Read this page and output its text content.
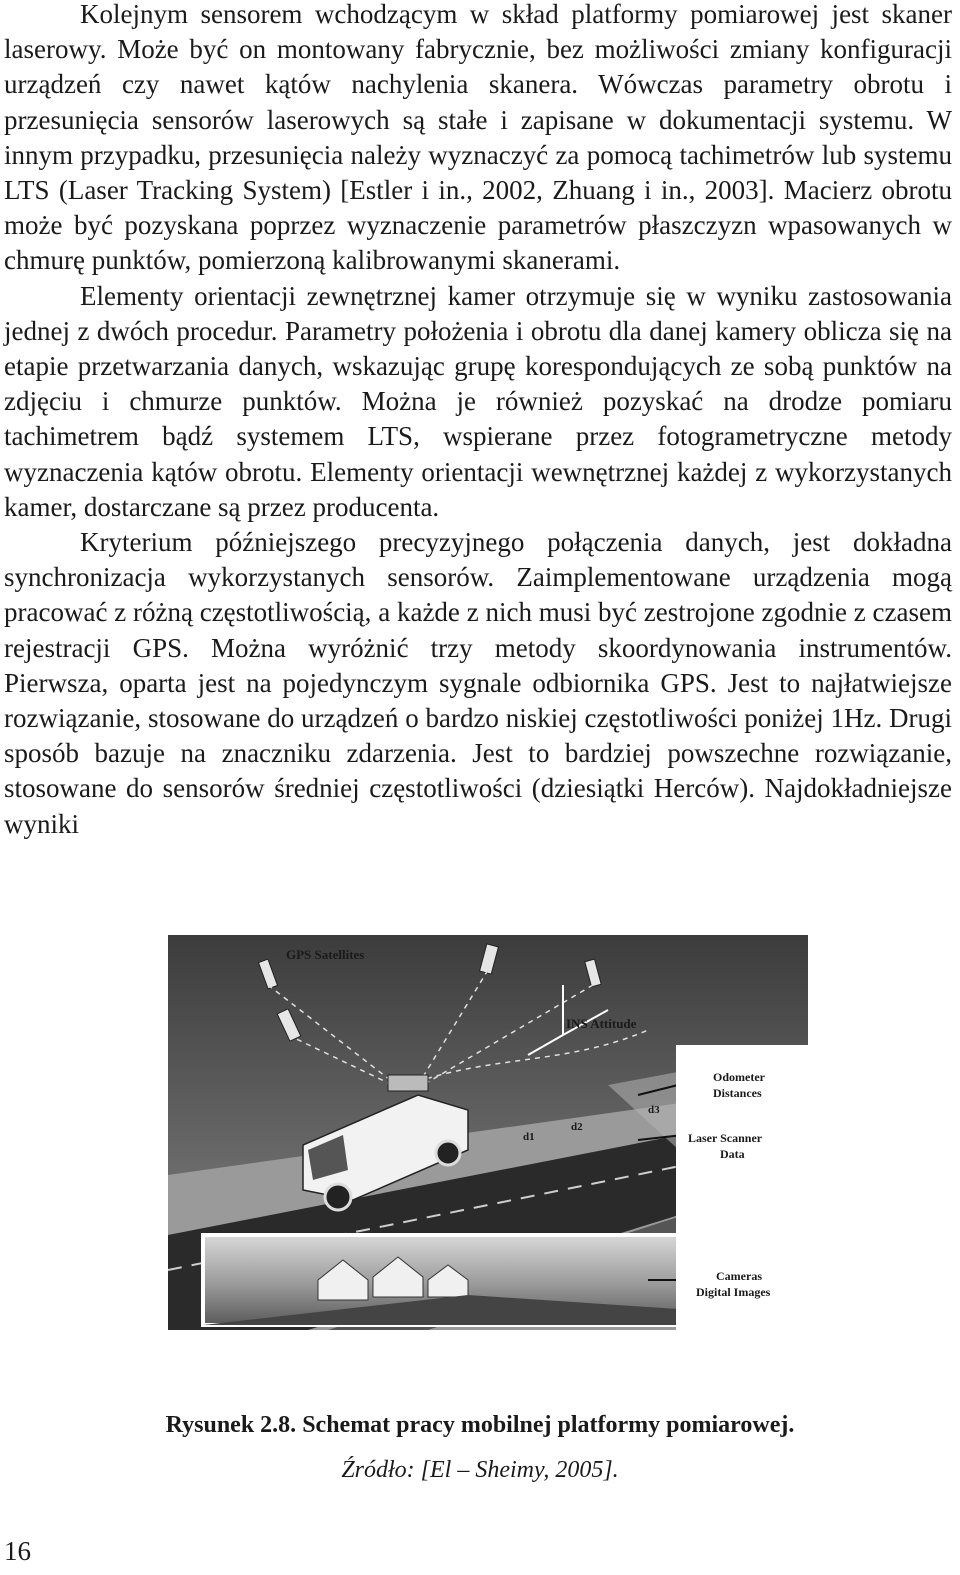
Kolejnym sensorem wchodzącym w skład platformy pomiarowej jest skaner laserowy. Może być on montowany fabrycznie, bez możliwości zmiany konfiguracji urządzeń czy nawet kątów nachylenia skanera. Wówczas parametry obrotu i przesunięcia sensorów laserowych są stałe i zapisane w dokumentacji systemu. W innym przypadku, przesunięcia należy wyznaczyć za pomocą tachimetrów lub systemu LTS (Laser Tracking System) [Estler i in., 2002, Zhuang i in., 2003]. Macierz obrotu może być pozyskana poprzez wyznaczenie parametrów płaszczyzn wpasowanych w chmurę punktów, pomierzoną kalibrowanymi skanerami.

Elementy orientacji zewnętrznej kamer otrzymuje się w wyniku zastosowania jednej z dwóch procedur. Parametry położenia i obrotu dla danej kamery oblicza się na etapie przetwarzania danych, wskazując grupę korespondujących ze sobą punktów na zdjęciu i chmurze punktów. Można je również pozyskać na drodze pomiaru tachimetrem bądź systemem LTS, wspierane przez fotogrametryczne metody wyznaczenia kątów obrotu. Elementy orientacji wewnętrznej każdej z wykorzystanych kamer, dostarczane są przez producenta.

Kryterium późniejszego precyzyjnego połączenia danych, jest dokładna synchronizacja wykorzystanych sensorów. Zaimplementowane urządzenia mogą pracować z różną częstotliwością, a każde z nich musi być zestrojone zgodnie z czasem rejestracji GPS. Można wyróżnić trzy metody skoordynowania instrumentów. Pierwsza, oparta jest na pojedynczym sygnale odbiornika GPS. Jest to najłatwiejsze rozwiązanie, stosowane do urządzeń o bardzo niskiej częstotliwości poniżej 1Hz. Drugi sposób bazuje na znaczniku zdarzenia. Jest to bardziej powszechne rozwiązanie, stosowane do sensorów średniej częstotliwości (dziesiątki Herców). Najdokładniejsze wyniki

GPS Satellites
INS Attitude
Odometer
Distances
Laser Scanner
Data
Cameras
Digital Images
d1
d2
d3
Rysunek 2.8. Schemat pracy mobilnej platformy pomiarowej.
Źródło: [El – Sheimy, 2005].
16
